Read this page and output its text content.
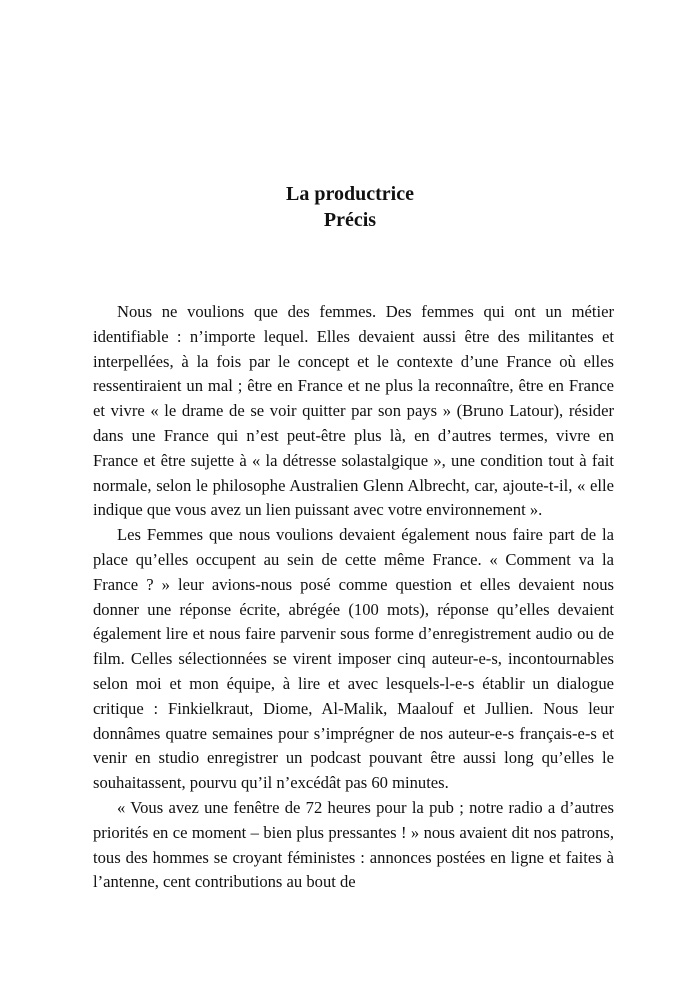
La productrice
Précis

Nous ne voulions que des femmes. Des femmes qui ont un métier identifiable : n’importe lequel. Elles devaient aussi être des militantes et interpellées, à la fois par le concept et le contexte d’une France où elles ressentiraient un mal ; être en France et ne plus la reconnaître, être en France et vivre « le drame de se voir quitter par son pays » (Bruno Latour), résider dans une France qui n’est peut-être plus là, en d’autres termes, vivre en France et être sujette à « la détresse solastalgique », une condition tout à fait normale, selon le philosophe Australien Glenn Albrecht, car, ajoute-t-il, « elle indique que vous avez un lien puissant avec votre environnement ».

Les Femmes que nous voulions devaient également nous faire part de la place qu’elles occupent au sein de cette même France. « Comment va la France ? » leur avions-nous posé comme question et elles devaient nous donner une réponse écrite, abrégée (100 mots), réponse qu’elles devaient également lire et nous faire parvenir sous forme d’enregistrement audio ou de film. Celles sélectionnées se virent imposer cinq auteur-e-s, incontournables selon moi et mon équipe, à lire et avec lesquels-l-e-s établir un dialogue critique : Finkielkraut, Diome, Al-Malik, Maalouf et Jullien. Nous leur donnâmes quatre semaines pour s’imprégner de nos auteur-e-s français-e-s et venir en studio enregistrer un podcast pouvant être aussi long qu’elles le souhaitassent, pourvu qu’il n’excédât pas 60 minutes.

« Vous avez une fenêtre de 72 heures pour la pub ; notre radio a d’autres priorités en ce moment – bien plus pressantes ! » nous avaient dit nos patrons, tous des hommes se croyant féministes : annonces postées en ligne et faites à l’antenne, cent contributions au bout de
